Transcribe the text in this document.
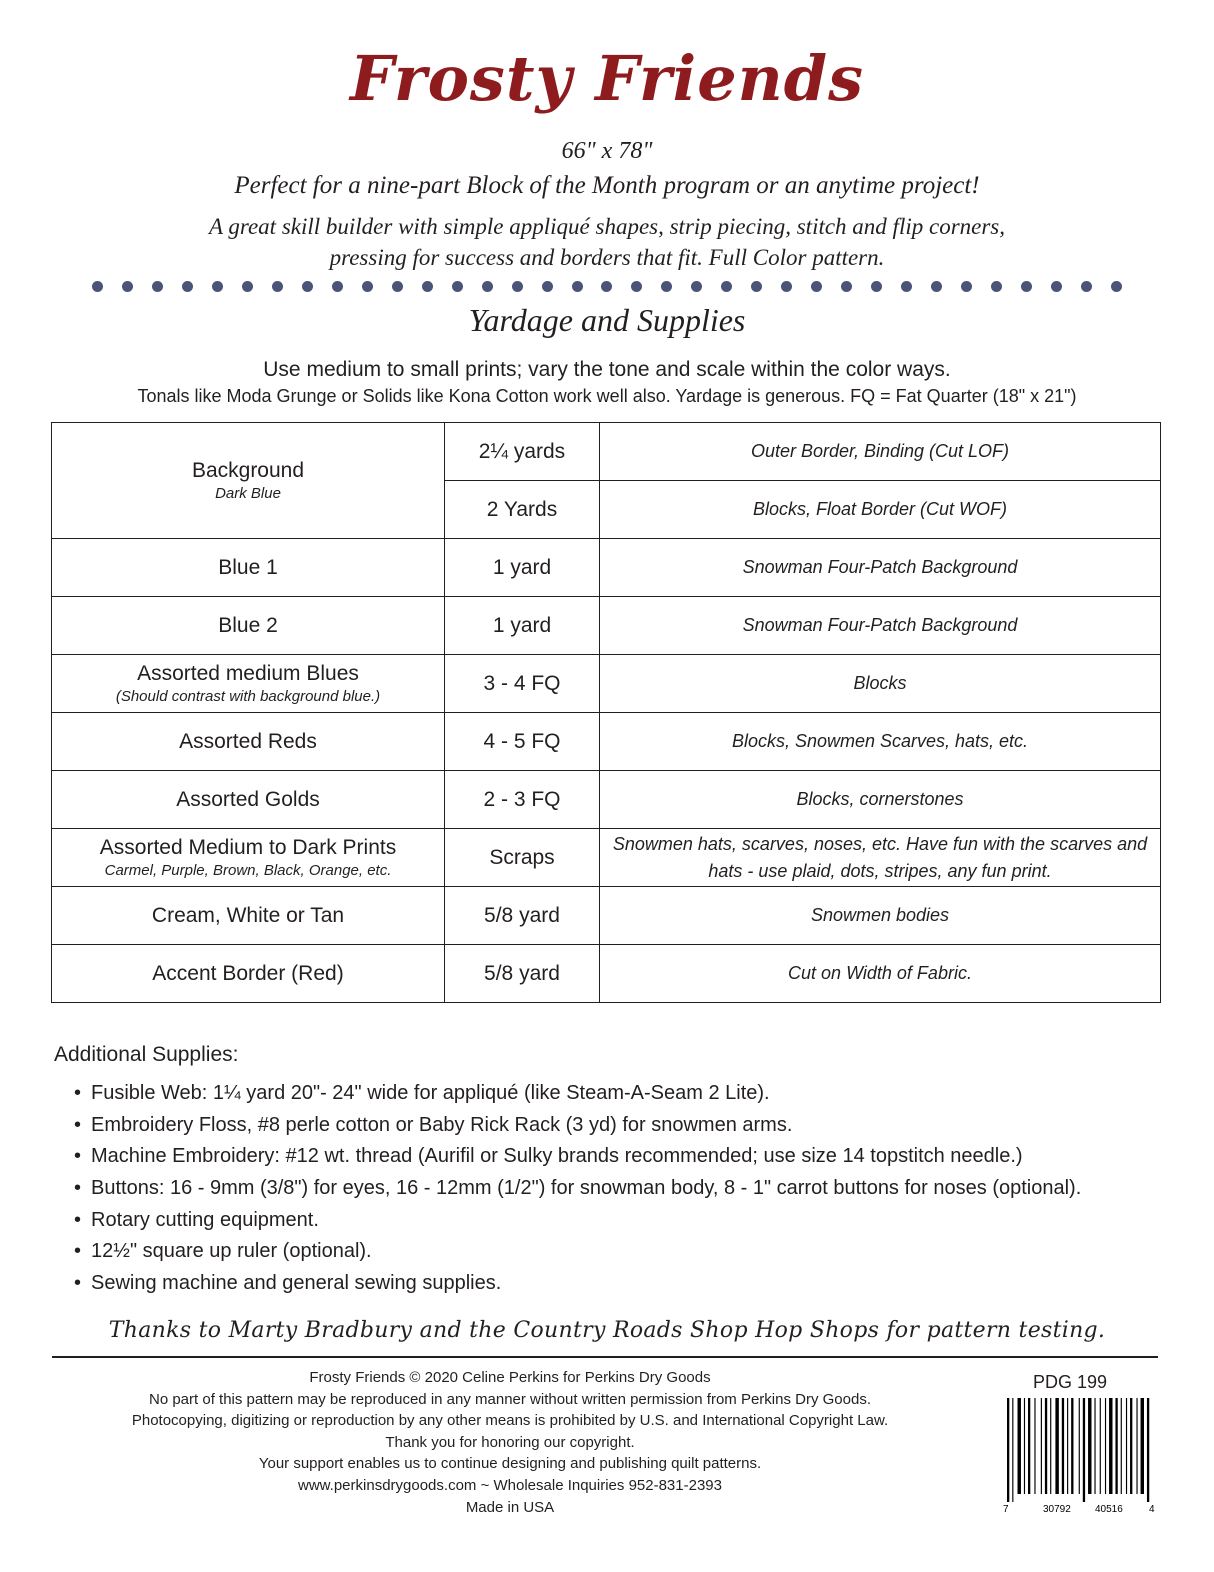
Frosty Friends
66" x 78"
Perfect for a nine-part Block of the Month program or an anytime project!
A great skill builder with simple appliqué shapes, strip piecing, stitch and flip corners,
pressing for success and borders that fit. Full Color pattern.
Yardage and Supplies
Use medium to small prints; vary the tone and scale within the color ways.
Tonals like Moda Grunge or Solids like Kona Cotton work well also. Yardage is generous. FQ = Fat Quarter (18" x 21")
Background
Dark Blue	2¼ yards	Outer Border, Binding (Cut LOF)
	2 Yards	Blocks, Float Border (Cut WOF)

Blue 1	1 yard	Snowman Four-Patch Background

Blue 2	1 yard	Snowman Four-Patch Background

Assorted medium Blues
(Should contrast with background blue.)	3 - 4 FQ	Blocks

Assorted Reds	4 - 5 FQ	Blocks, Snowmen Scarves, hats, etc.

Assorted Golds	2 - 3 FQ	Blocks, cornerstones

Assorted Medium to Dark Prints
Carmel, Purple, Brown, Black, Orange, etc.	Scraps	Snowmen hats, scarves, noses, etc. Have fun with the scarves and hats - use plaid, dots, stripes, any fun print.

Cream, White or Tan	5/8 yard	Snowmen bodies

Accent Border (Red)	5/8 yard	Cut on Width of Fabric.
Additional Supplies:
• Fusible Web: 1¼ yard 20"- 24" wide for appliqué (like Steam-A-Seam 2 Lite).
• Embroidery Floss, #8 perle cotton or Baby Rick Rack (3 yd) for snowmen arms.
• Machine Embroidery: #12 wt. thread (Aurifil or Sulky brands recommended; use size 14 topstitch needle.)
• Buttons: 16 - 9mm (3/8") for eyes, 16 - 12mm (1/2") for snowman body, 8 - 1" carrot buttons for noses (optional).
• Rotary cutting equipment.
• 12½" square up ruler (optional).
• Sewing machine and general sewing supplies.
Thanks to Marty Bradbury and the Country Roads Shop Hop Shops for pattern testing.
Frosty Friends © 2020 Celine Perkins for Perkins Dry Goods
No part of this pattern may be reproduced in any manner without written permission from Perkins Dry Goods.
Photocopying, digitizing or reproduction by any other means is prohibited by U.S. and International Copyright Law.
Thank you for honoring our copyright.
Your support enables us to continue designing and publishing quilt patterns.
www.perkinsdrygoods.com ~ Wholesale Inquiries 952-831-2393
Made in USA
PDG 199
7	30792 40516	4
